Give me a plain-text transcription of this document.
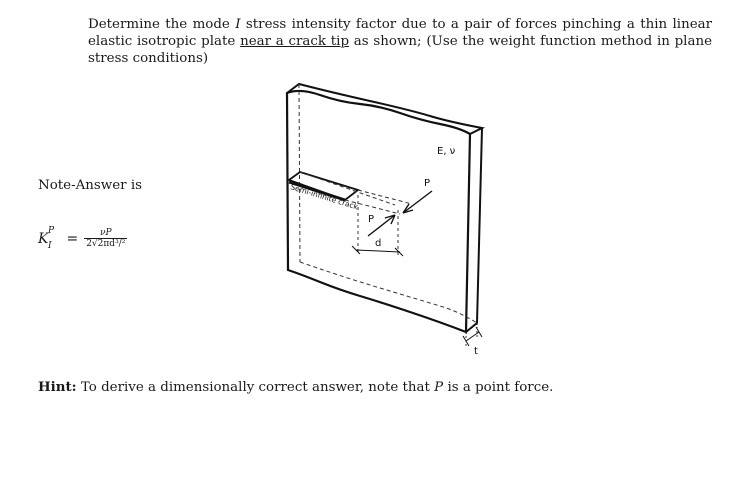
Determine the mode I stress intensity factor due to a pair of forces pinching a thin linear elastic isotropic plate near a crack tip as shown; (Use the weight function method in plane stress conditions)
Note-Answer is
K P
$I = \frac{\nu P}{\text{2√2πd³/²}}$
E, ν
Semi-infinite crack	P
P
d
t
Hint: To derive a dimensionally correct answer, note that P is a point force.
